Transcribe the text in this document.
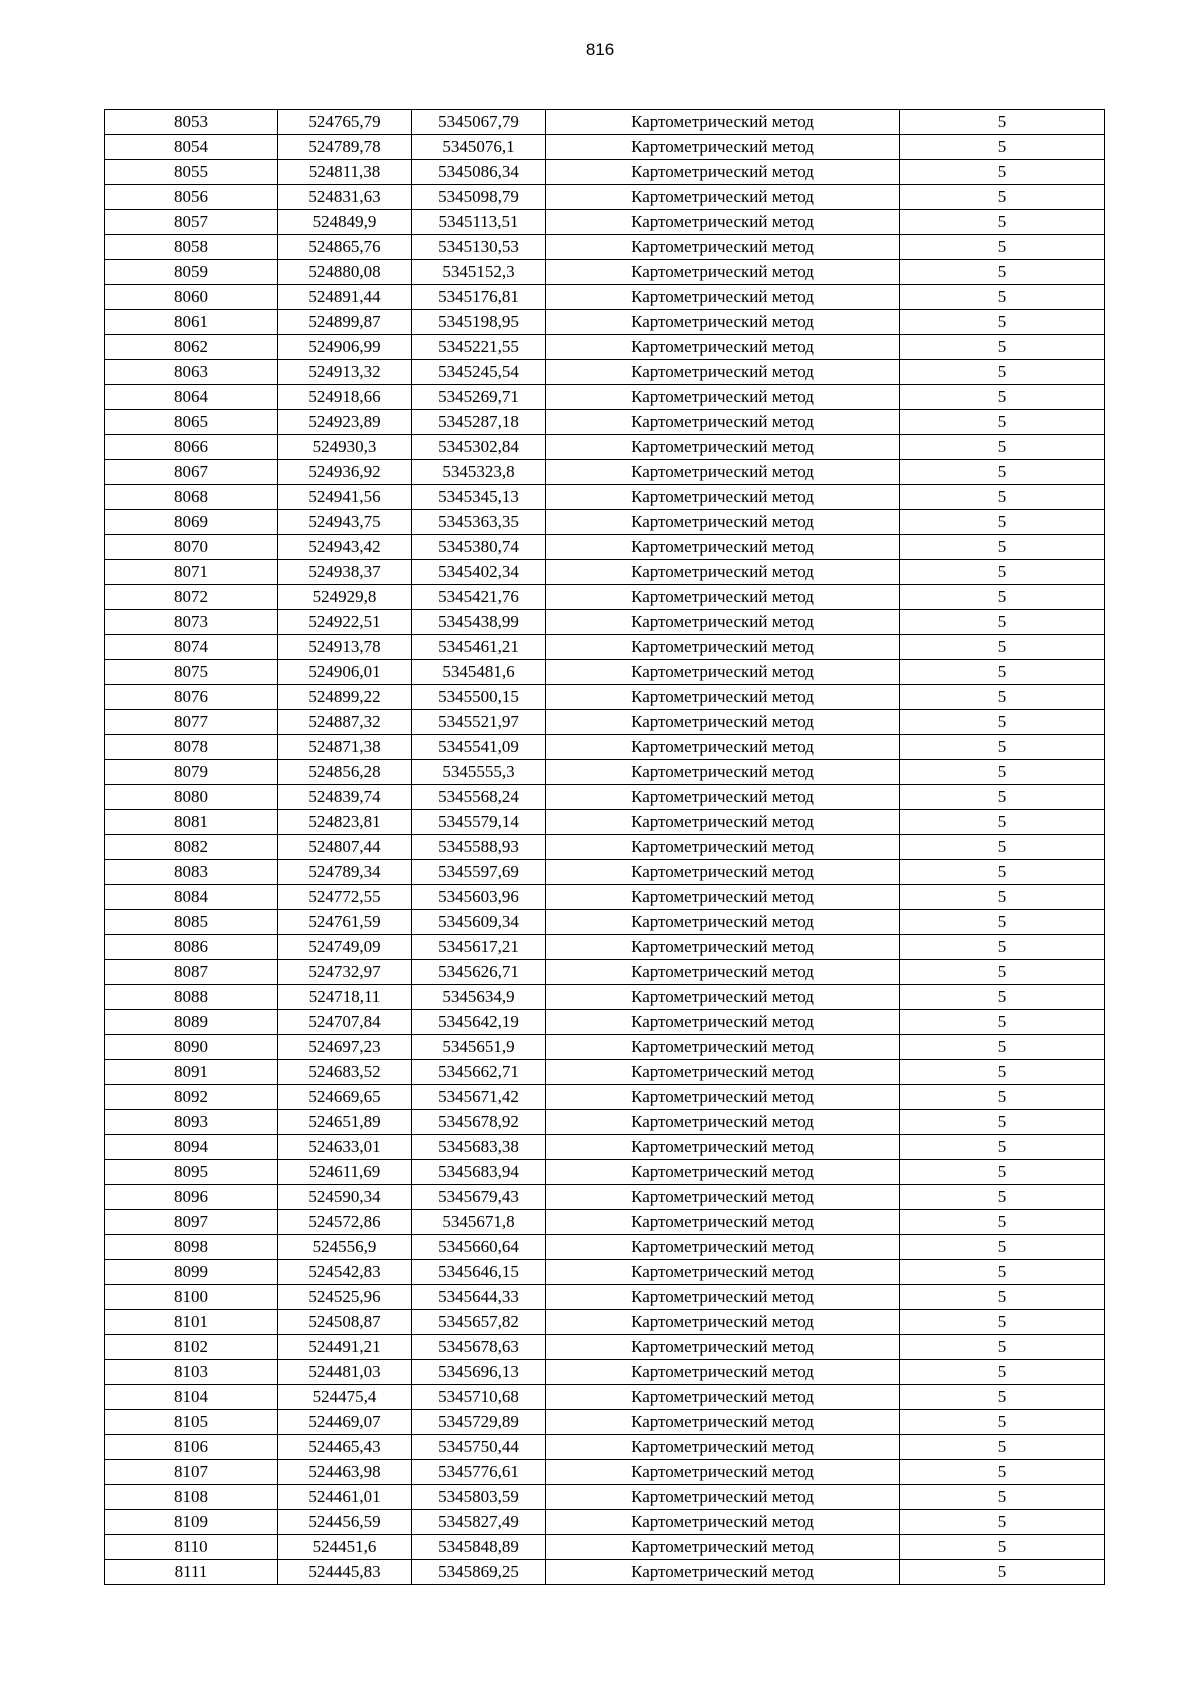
816
8053	524765,79	5345067,79	Картометрический метод	5
8054	524789,78	5345076,1	Картометрический метод	5
8055	524811,38	5345086,34	Картометрический метод	5
8056	524831,63	5345098,79	Картометрический метод	5
8057	524849,9	5345113,51	Картометрический метод	5
8058	524865,76	5345130,53	Картометрический метод	5
8059	524880,08	5345152,3	Картометрический метод	5
8060	524891,44	5345176,81	Картометрический метод	5
8061	524899,87	5345198,95	Картометрический метод	5
8062	524906,99	5345221,55	Картометрический метод	5
8063	524913,32	5345245,54	Картометрический метод	5
8064	524918,66	5345269,71	Картометрический метод	5
8065	524923,89	5345287,18	Картометрический метод	5
8066	524930,3	5345302,84	Картометрический метод	5
8067	524936,92	5345323,8	Картометрический метод	5
8068	524941,56	5345345,13	Картометрический метод	5
8069	524943,75	5345363,35	Картометрический метод	5
8070	524943,42	5345380,74	Картометрический метод	5
8071	524938,37	5345402,34	Картометрический метод	5
8072	524929,8	5345421,76	Картометрический метод	5
8073	524922,51	5345438,99	Картометрический метод	5
8074	524913,78	5345461,21	Картометрический метод	5
8075	524906,01	5345481,6	Картометрический метод	5
8076	524899,22	5345500,15	Картометрический метод	5
8077	524887,32	5345521,97	Картометрический метод	5
8078	524871,38	5345541,09	Картометрический метод	5
8079	524856,28	5345555,3	Картометрический метод	5
8080	524839,74	5345568,24	Картометрический метод	5
8081	524823,81	5345579,14	Картометрический метод	5
8082	524807,44	5345588,93	Картометрический метод	5
8083	524789,34	5345597,69	Картометрический метод	5
8084	524772,55	5345603,96	Картометрический метод	5
8085	524761,59	5345609,34	Картометрический метод	5
8086	524749,09	5345617,21	Картометрический метод	5
8087	524732,97	5345626,71	Картометрический метод	5
8088	524718,11	5345634,9	Картометрический метод	5
8089	524707,84	5345642,19	Картометрический метод	5
8090	524697,23	5345651,9	Картометрический метод	5
8091	524683,52	5345662,71	Картометрический метод	5
8092	524669,65	5345671,42	Картометрический метод	5
8093	524651,89	5345678,92	Картометрический метод	5
8094	524633,01	5345683,38	Картометрический метод	5
8095	524611,69	5345683,94	Картометрический метод	5
8096	524590,34	5345679,43	Картометрический метод	5
8097	524572,86	5345671,8	Картометрический метод	5
8098	524556,9	5345660,64	Картометрический метод	5
8099	524542,83	5345646,15	Картометрический метод	5
8100	524525,96	5345644,33	Картометрический метод	5
8101	524508,87	5345657,82	Картометрический метод	5
8102	524491,21	5345678,63	Картометрический метод	5
8103	524481,03	5345696,13	Картометрический метод	5
8104	524475,4	5345710,68	Картометрический метод	5
8105	524469,07	5345729,89	Картометрический метод	5
8106	524465,43	5345750,44	Картометрический метод	5
8107	524463,98	5345776,61	Картометрический метод	5
8108	524461,01	5345803,59	Картометрический метод	5
8109	524456,59	5345827,49	Картометрический метод	5
8110	524451,6	5345848,89	Картометрический метод	5
8111	524445,83	5345869,25	Картометрический метод	5
